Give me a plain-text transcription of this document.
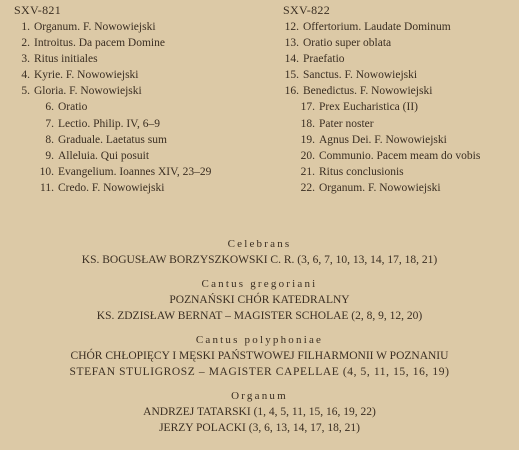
SXV-821
1. Organum. F. Nowowiejski
2. Introitus. Da pacem Domine
3. Ritus initiales
4. Kyrie. F. Nowowiejski
5. Gloria. F. Nowowiejski
6. Oratio
7. Lectio. Philip. IV, 6–9
8. Graduale. Laetatus sum
9. Alleluia. Qui posuit
10. Evangelium. Ioannes XIV, 23–29
11. Credo. F. Nowowiejski
SXV-822
12. Offertorium. Laudate Dominum
13. Oratio super oblata
14. Praefatio
15. Sanctus. F. Nowowiejski
16. Benedictus. F. Nowowiejski
17. Prex Eucharistica (II)
18. Pater noster
19. Agnus Dei. F. Nowowiejski
20. Communio. Pacem meam do vobis
21. Ritus conclusionis
22. Organum. F. Nowowiejski
Celebrans
KS. BOGUSŁAW BORZYSZKOWSKI C. R. (3, 6, 7, 10, 13, 14, 17, 18, 21)
Cantus gregoriani
POZNAŃSKI CHÓR KATEDRALNY
KS. ZDZISŁAW BERNAT – MAGISTER SCHOLAE (2, 8, 9, 12, 20)
Cantus polyphoniae
CHÓR CHŁOPIĘCY I MĘSKI PAŃSTWOWEJ FILHARMONII W POZNANIU
STEFAN STULIGROSZ – MAGISTER CAPELLAE (4, 5, 11, 15, 16, 19)
Organum
ANDRZEJ TATARSKI (1, 4, 5, 11, 15, 16, 19, 22)
JERZY POLACKI (3, 6, 13, 14, 17, 18, 21)
